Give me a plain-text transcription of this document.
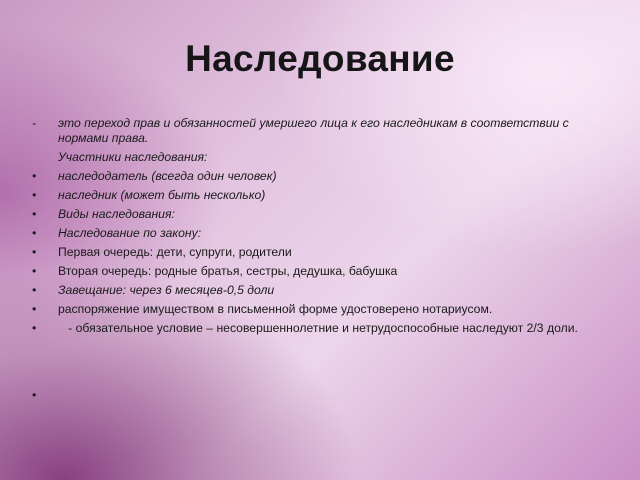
Наследование
-	это переход прав и обязанностей умершего лица к его наследникам в соответствии с нормами права.
Участники наследования:
•	наследодатель (всегда один человек)
•	наследник (может быть несколько)
•	Виды наследования:
•	Наследование по закону:
•	Первая очередь: дети, супруги, родители
•	Вторая очередь: родные братья, сестры, дедушка, бабушка
•	Завещание: через 6 месяцев-0,5 доли
•	распоряжение имуществом в письменной форме удостоверено нотариусом.
•	- обязательное условие – несовершеннолетние и нетрудоспособные наследуют 2/3 доли.
•
